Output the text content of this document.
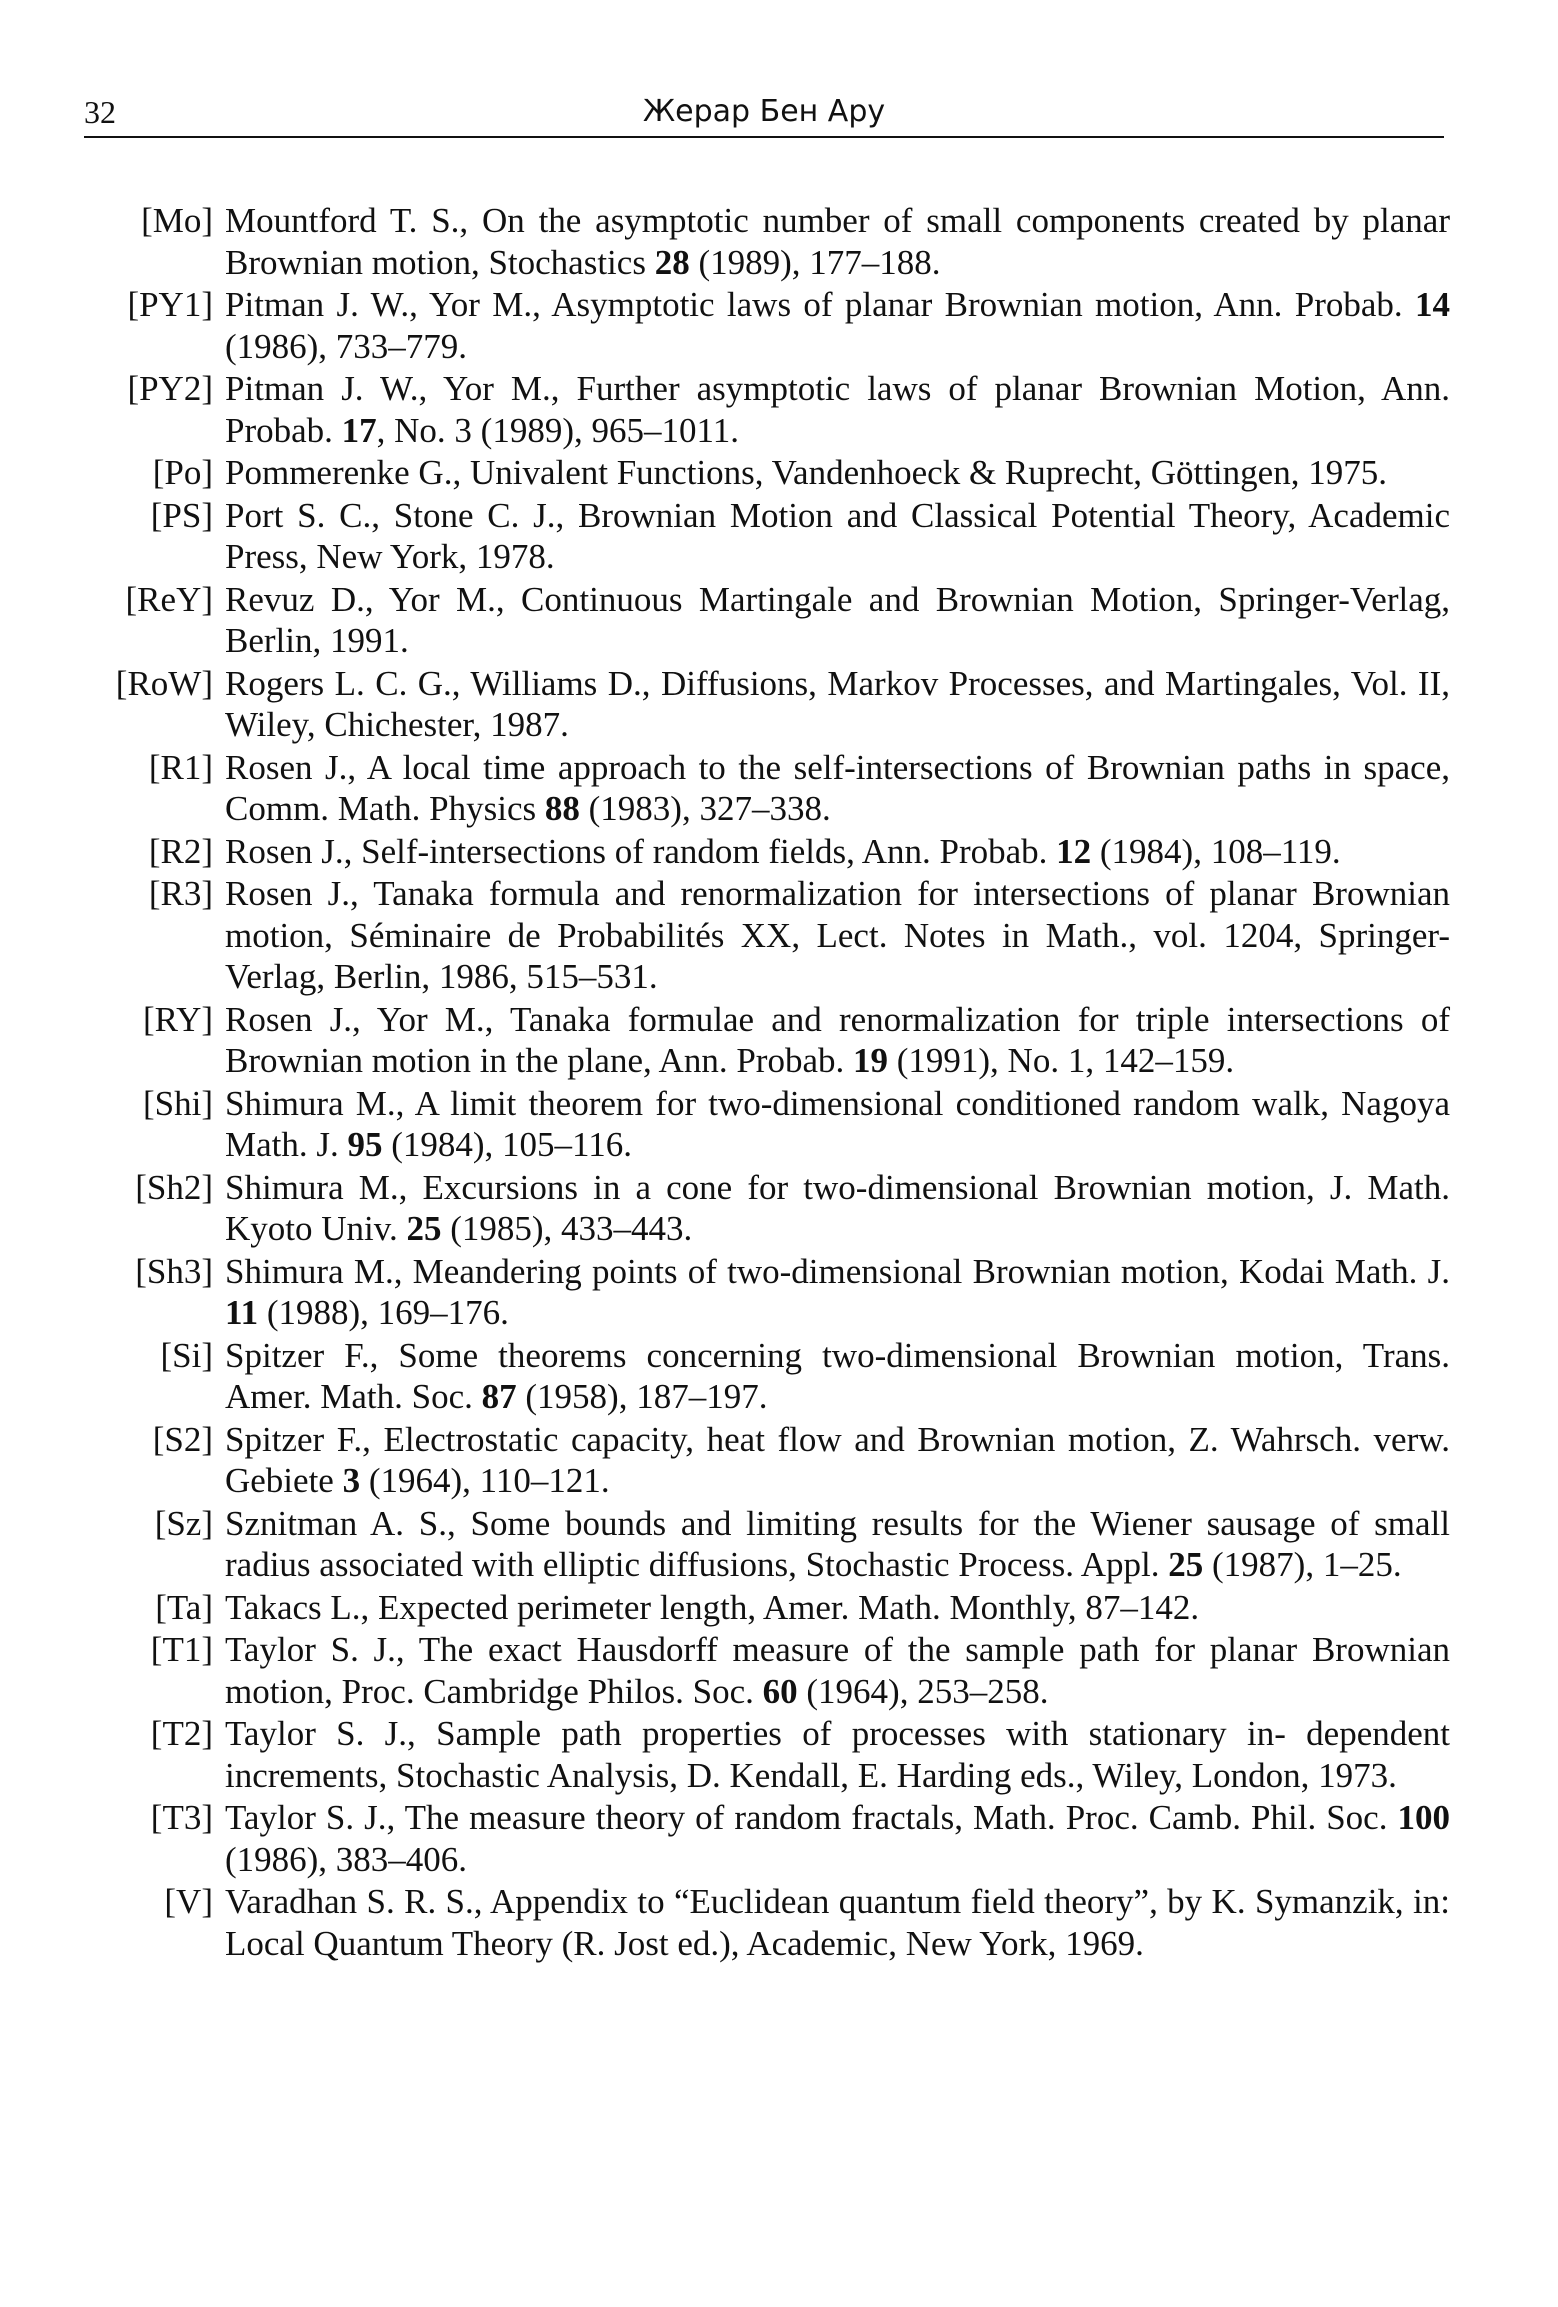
32	Жерар Бен Ару
[Mo] Mountford T. S., On the asymptotic number of small components created by planar Brownian motion, Stochastics 28 (1989), 177–188.
[PY1] Pitman J. W., Yor M., Asymptotic laws of planar Brownian motion, Ann. Probab. 14 (1986), 733–779.
[PY2] Pitman J. W., Yor M., Further asymptotic laws of planar Brownian Motion, Ann. Probab. 17, No. 3 (1989), 965–1011.
[Po] Pommerenke G., Univalent Functions, Vandenhoeck & Ruprecht, Göttingen, 1975.
[PS] Port S. C., Stone C. J., Brownian Motion and Classical Potential Theory, Academic Press, New York, 1978.
[ReY] Revuz D., Yor M., Continuous Martingale and Brownian Motion, Springer-Verlag, Berlin, 1991.
[RoW] Rogers L. C. G., Williams D., Diffusions, Markov Processes, and Martingales, Vol. II, Wiley, Chichester, 1987.
[R1] Rosen J., A local time approach to the self-intersections of Brownian paths in space, Comm. Math. Physics 88 (1983), 327–338.
[R2] Rosen J., Self-intersections of random fields, Ann. Probab. 12 (1984), 108–119.
[R3] Rosen J., Tanaka formula and renormalization for intersections of planar Brownian motion, Séminaire de Probabilités XX, Lect. Notes in Math., vol. 1204, Springer-Verlag, Berlin, 1986, 515–531.
[RY] Rosen J., Yor M., Tanaka formulae and renormalization for triple intersections of Brownian motion in the plane, Ann. Probab. 19 (1991), No. 1, 142–159.
[Shi] Shimura M., A limit theorem for two-dimensional conditioned random walk, Nagoya Math. J. 95 (1984), 105–116.
[Sh2] Shimura M., Excursions in a cone for two-dimensional Brownian motion, J. Math. Kyoto Univ. 25 (1985), 433–443.
[Sh3] Shimura M., Meandering points of two-dimensional Brownian motion, Kodai Math. J. 11 (1988), 169–176.
[Si] Spitzer F., Some theorems concerning two-dimensional Brownian motion, Trans. Amer. Math. Soc. 87 (1958), 187–197.
[S2] Spitzer F., Electrostatic capacity, heat flow and Brownian motion, Z. Wahrsch. verw. Gebiete 3 (1964), 110–121.
[Sz] Sznitman A. S., Some bounds and limiting results for the Wiener sausage of small radius associated with elliptic diffusions, Stochastic Process. Appl. 25 (1987), 1–25.
[Ta] Takacs L., Expected perimeter length, Amer. Math. Monthly, 87–142.
[T1] Taylor S. J., The exact Hausdorff measure of the sample path for planar Brownian motion, Proc. Cambridge Philos. Soc. 60 (1964), 253–258.
[T2] Taylor S. J., Sample path properties of processes with stationary in- dependent increments, Stochastic Analysis, D. Kendall, E. Harding eds., Wiley, London, 1973.
[T3] Taylor S. J., The measure theory of random fractals, Math. Proc. Camb. Phil. Soc. 100 (1986), 383–406.
[V] Varadhan S. R. S., Appendix to “Euclidean quantum field theory”, by K. Symanzik, in: Local Quantum Theory (R. Jost ed.), Academic, New York, 1969.
